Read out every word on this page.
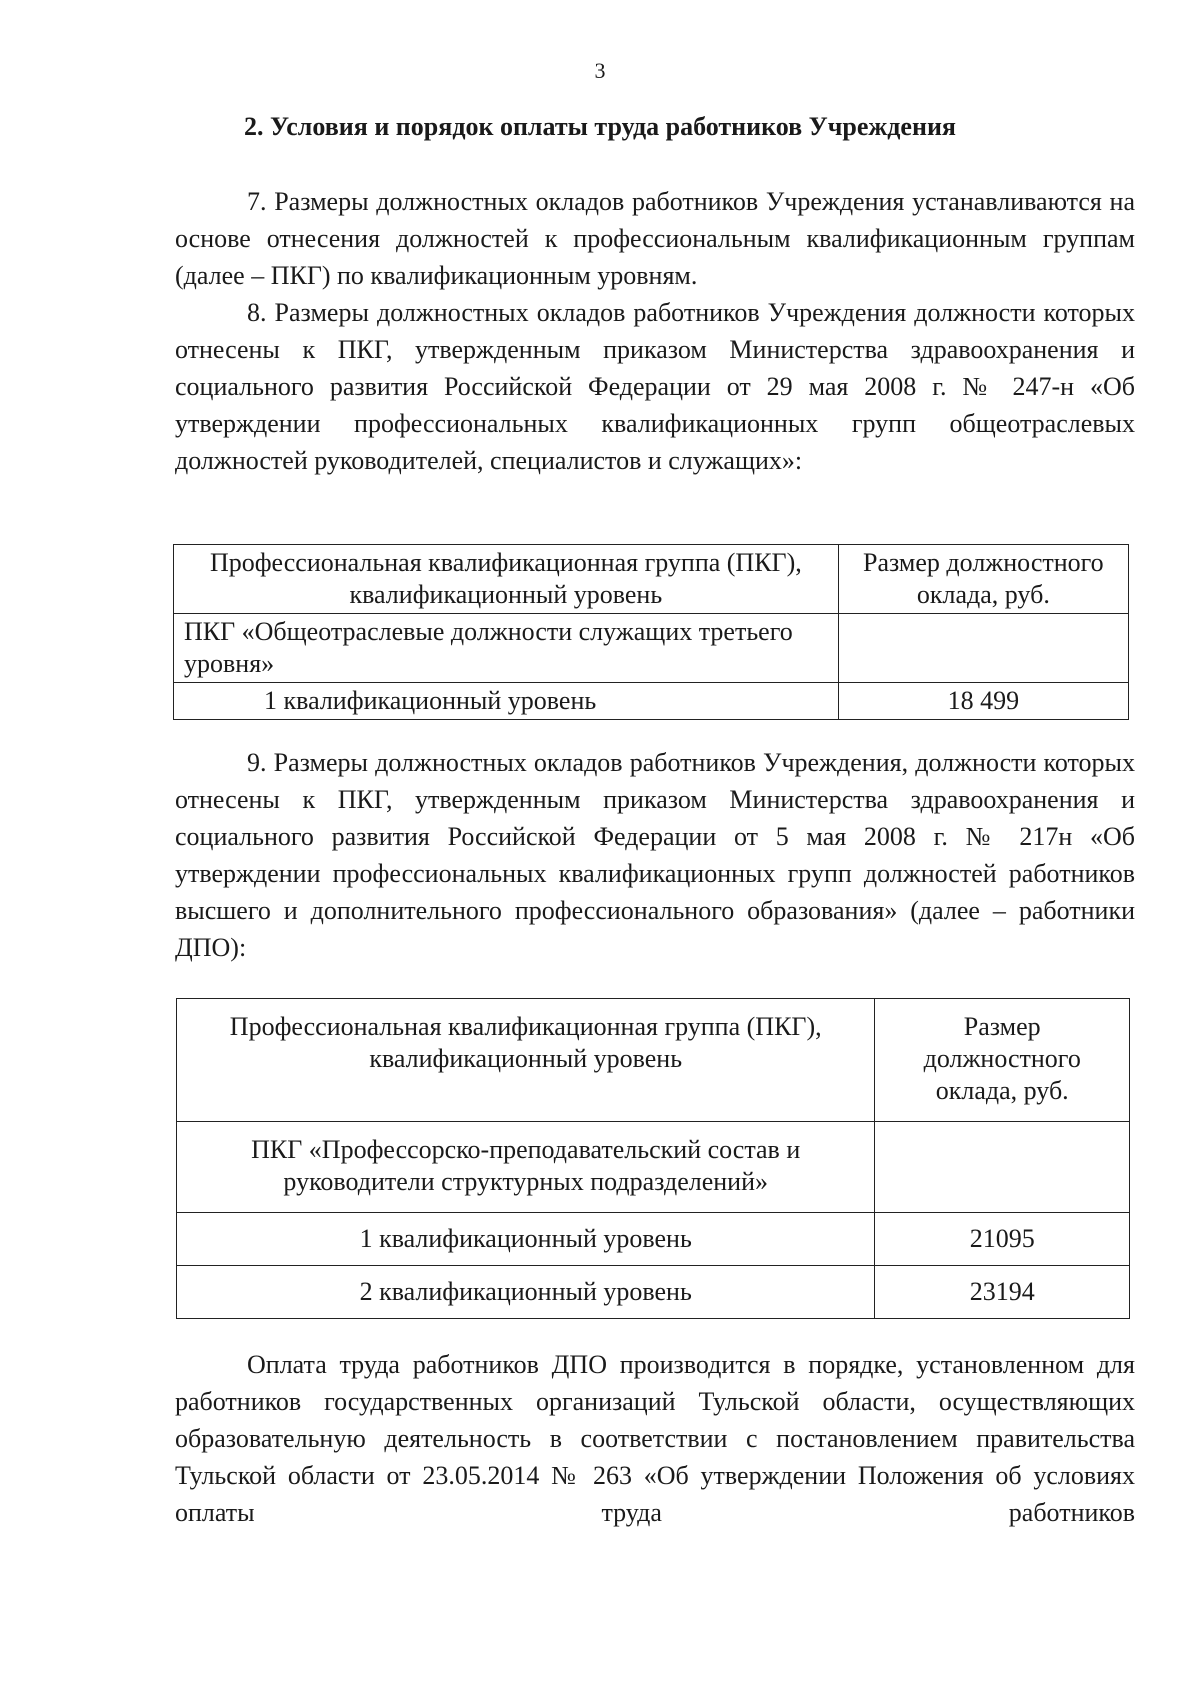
3
2. Условия и порядок оплаты труда работников Учреждения

7. Размеры должностных окладов работников Учреждения устанавливаются на основе отнесения должностей к профессиональным квалификационным группам (далее – ПКГ) по квалификационным уровням.

8. Размеры должностных окладов работников Учреждения должности которых отнесены к ПКГ, утвержденным приказом Министерства здравоохранения и социального развития Российской Федерации от 29 мая 2008 г. № 247-н «Об утверждении профессиональных квалификационных групп общеотраслевых должностей руководителей, специалистов и служащих»:

Профессиональная квалификационная группа (ПКГ), квалификационный уровень	Размер должностного оклада, руб.
ПКГ «Общеотраслевые должности служащих третьего уровня»	
1 квалификационный уровень	18 499

9. Размеры должностных окладов работников Учреждения, должности которых отнесены к ПКГ, утвержденным приказом Министерства здравоохранения и социального развития Российской Федерации от 5 мая 2008 г. № 217н «Об утверждении профессиональных квалификационных групп должностей работников высшего и дополнительного профессионального образования» (далее – работники ДПО):

Профессиональная квалификационная группа (ПКГ), квалификационный уровень	Размер должностного оклада, руб.
ПКГ «Профессорско-преподавательский состав и руководители структурных подразделений»	
1 квалификационный уровень	21095
2 квалификационный уровень	23194

Оплата труда работников ДПО производится в порядке, установленном для работников государственных организаций Тульской области, осуществляющих образовательную деятельность в соответствии с постановлением правительства Тульской области от 23.05.2014 № 263 «Об утверждении Положения об условиях оплаты труда работников
